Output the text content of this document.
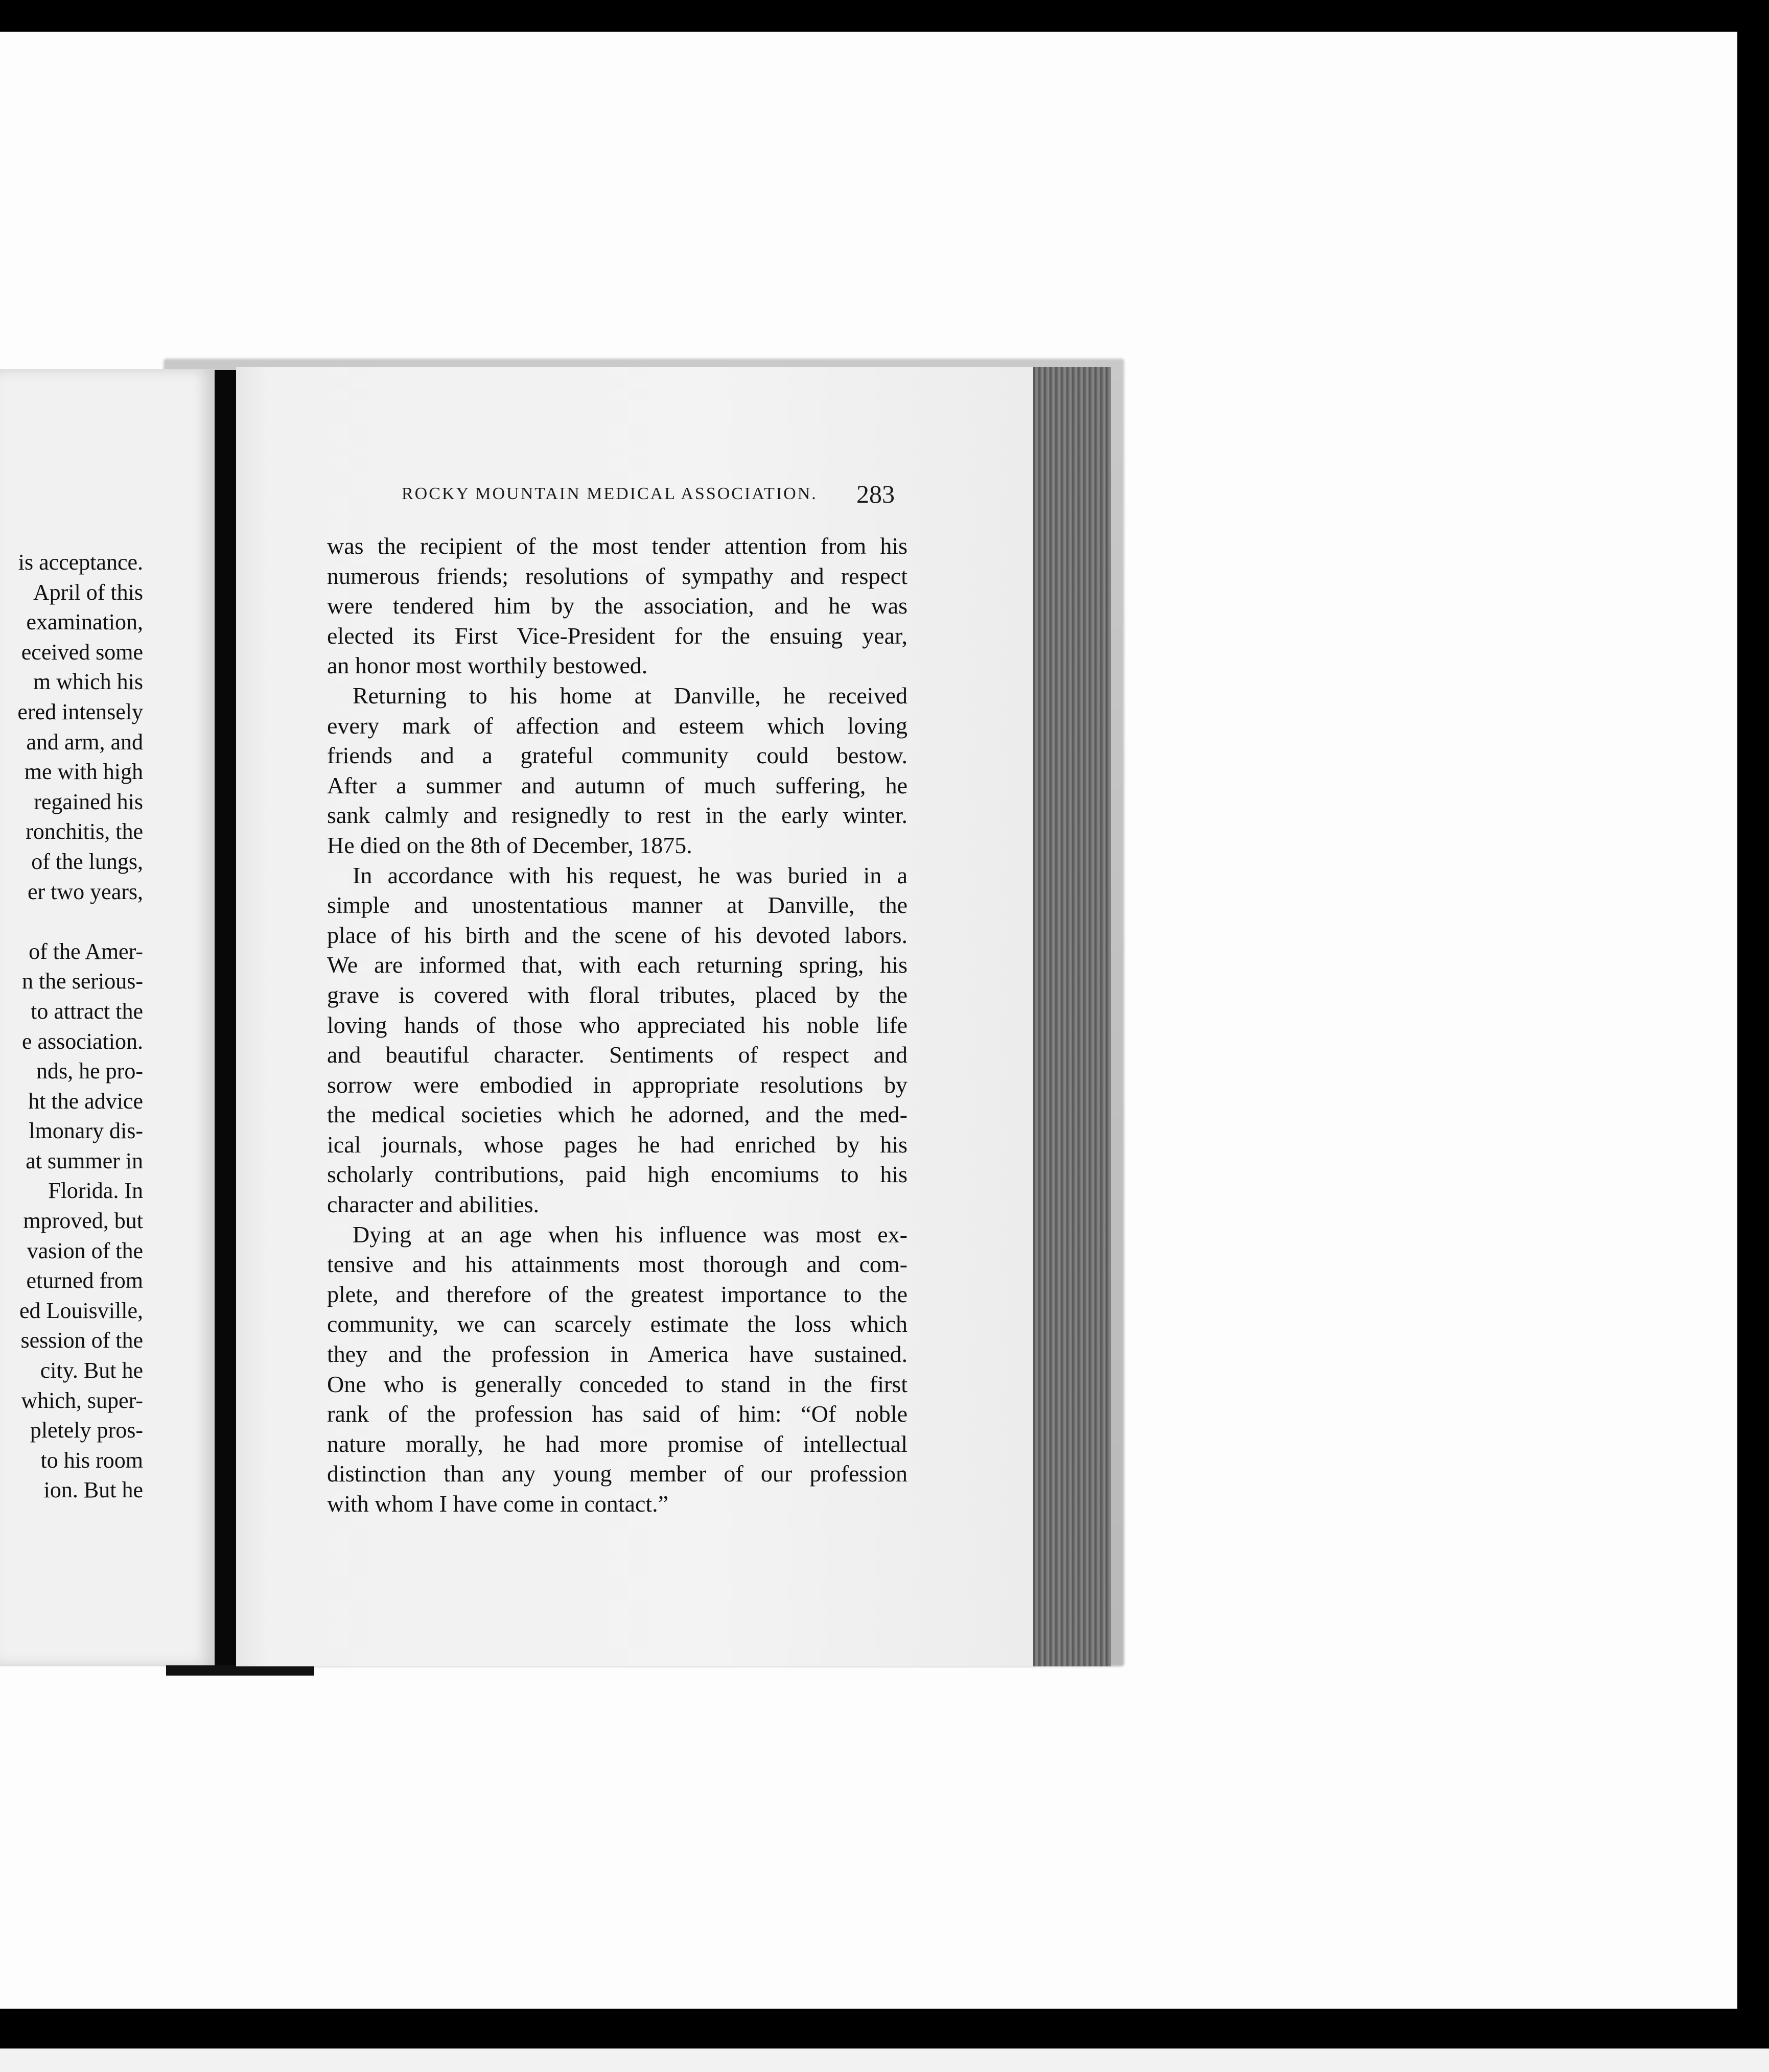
is acceptance.
April of this
examination,
eceived some
m which his
ered intensely
and arm, and
me with high
regained his
ronchitis, the
of the lungs,
er two years,
of the Amer-
n the serious-
to attract the
e association.
nds, he pro-
ht the advice
lmonary dis-
at summer in
Florida. In
mproved, but
vasion of the
eturned from
ed Louisville,
session of the
city. But he
which, super-
pletely pros-
to his room
ion. But he
ROCKY MOUNTAIN MEDICAL ASSOCIATION. 283
was the recipient of the most tender attention from his
numerous friends; resolutions of sympathy and respect
were tendered him by the association, and he was
elected its First Vice-President for the ensuing year,
an honor most worthily bestowed.
Returning to his home at Danville, he received
every mark of affection and esteem which loving
friends and a grateful community could bestow.
After a summer and autumn of much suffering, he
sank calmly and resignedly to rest in the early winter.
He died on the 8th of December, 1875.
In accordance with his request, he was buried in a
simple and unostentatious manner at Danville, the
place of his birth and the scene of his devoted labors.
We are informed that, with each returning spring, his
grave is covered with floral tributes, placed by the
loving hands of those who appreciated his noble life
and beautiful character. Sentiments of respect and
sorrow were embodied in appropriate resolutions by
the medical societies which he adorned, and the med-
ical journals, whose pages he had enriched by his
scholarly contributions, paid high encomiums to his
character and abilities.
Dying at an age when his influence was most ex-
tensive and his attainments most thorough and com-
plete, and therefore of the greatest importance to the
community, we can scarcely estimate the loss which
they and the profession in America have sustained.
One who is generally conceded to stand in the first
rank of the profession has said of him: “Of noble
nature morally, he had more promise of intellectual
distinction than any young member of our profession
with whom I have come in contact.”
